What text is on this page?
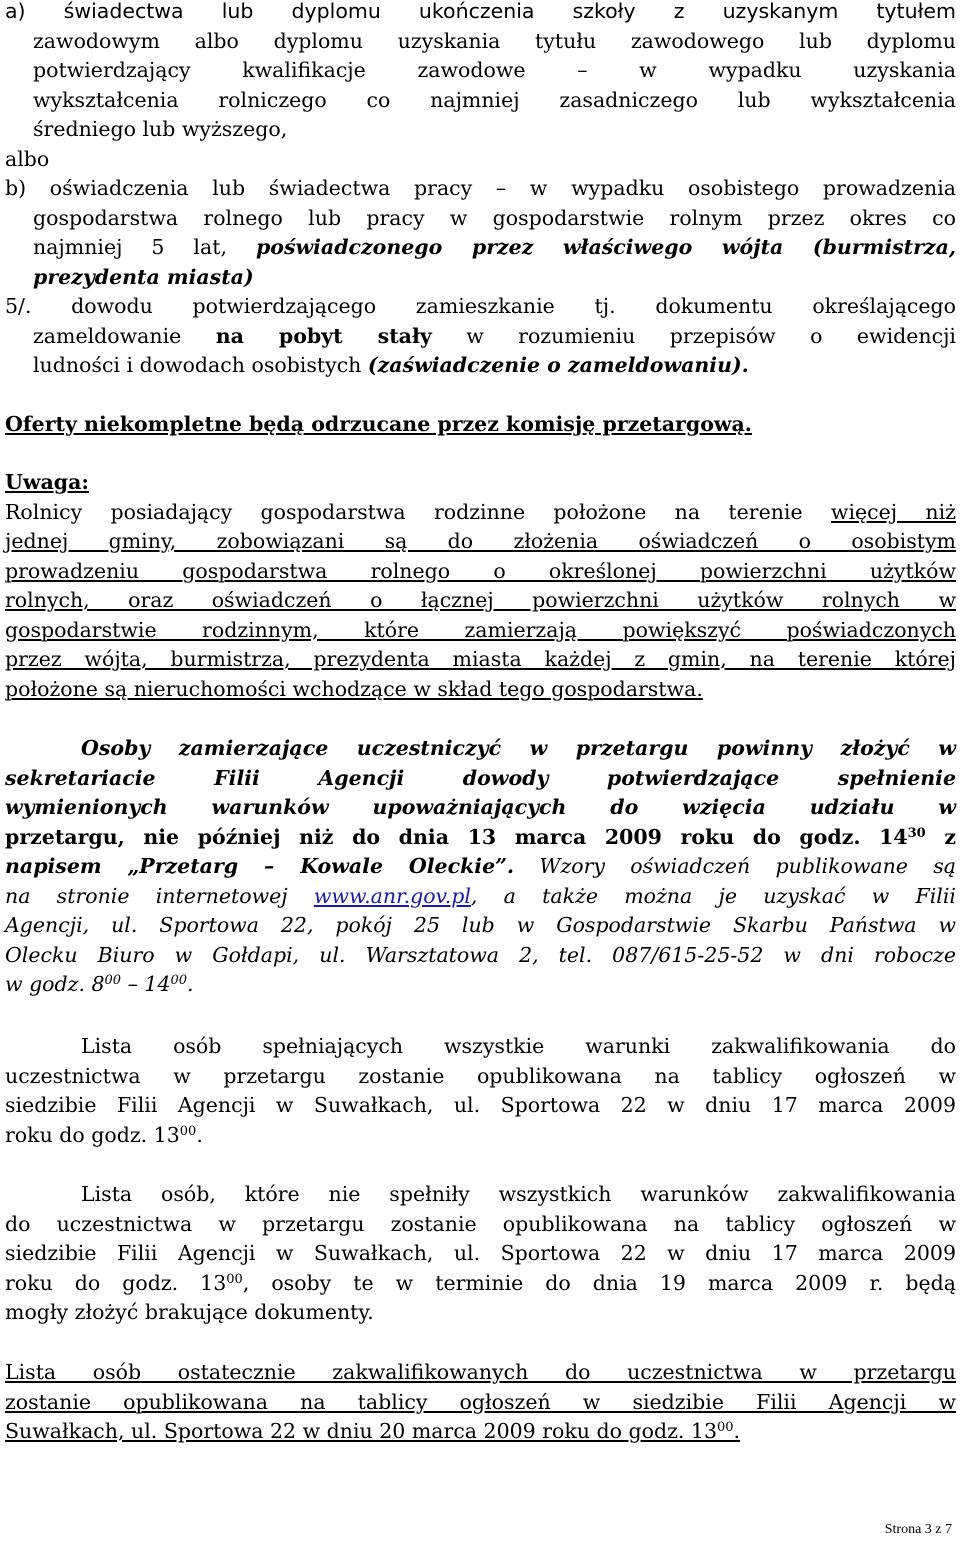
a) świadectwa lub dyplomu ukończenia szkoły z uzyskanym tytułem

zawodowym albo dyplomu uzyskania tytułu zawodowego lub dyplomu

potwierdzający kwalifikacje zawodowe – w wypadku uzyskania

wykształcenia rolniczego co najmniej zasadniczego lub wykształcenia

średniego lub wyższego,

albo

b) oświadczenia lub świadectwa pracy – w wypadku osobistego prowadzenia

gospodarstwa rolnego lub pracy w gospodarstwie rolnym przez okres co

najmniej 5 lat, poświadczonego przez właściwego wójta (burmistrza,

prezydenta miasta)

5/. dowodu potwierdzającego zamieszkanie tj. dokumentu określającego

zameldowanie na pobyt stały w rozumieniu przepisów o ewidencji

ludności i dowodach osobistych (zaświadczenie o zameldowaniu).

Oferty niekompletne będą odrzucane przez komisję przetargową.

Uwaga:

Rolnicy posiadający gospodarstwa rodzinne położone na terenie więcej niż

jednej gminy, zobowiązani są do złożenia oświadczeń o osobistym

prowadzeniu gospodarstwa rolnego o określonej powierzchni użytków

rolnych, oraz oświadczeń o łącznej powierzchni użytków rolnych w

gospodarstwie rodzinnym, które zamierzają powiększyć poświadczonych

przez wójta, burmistrza, prezydenta miasta każdej z gmin, na terenie której

położone są nieruchomości wchodzące w skład tego gospodarstwa.

Osoby zamierzające uczestniczyć w przetargu powinny złożyć w

sekretariacie Filii Agencji dowody potwierdzające spełnienie

wymienionych warunków upoważniających do wzięcia udziału w

przetargu, nie później niż do dnia 13 marca 2009 roku do godz. $14^{30}$ z

napisem „Przetarg – Kowale Oleckie”. Wzory oświadczeń publikowane są

na stronie internetowej www.anr.gov.pl, a także można je uzyskać w Filii

Agencji, ul. Sportowa 22, pokój 25 lub w Gospodarstwie Skarbu Państwa w

Olecku Biuro w Gołdapi, ul. Warsztatowa 2, tel. 087/615-25-52 w dni robocze

w godz. $8^{00} - 14^{00}$.

Lista osób spełniających wszystkie warunki zakwalifikowania do

uczestnictwa w przetargu zostanie opublikowana na tablicy ogłoszeń w

siedzibie Filii Agencji w Suwałkach, ul. Sportowa 22 w dniu 17 marca 2009

roku do godz. $13^{00}$.

Lista osób, które nie spełniły wszystkich warunków zakwalifikowania

do uczestnictwa w przetargu zostanie opublikowana na tablicy ogłoszeń w

siedzibie Filii Agencji w Suwałkach, ul. Sportowa 22 w dniu 17 marca 2009

roku do godz. $13^{00}$, osoby te w terminie do dnia 19 marca 2009 r. będą

mogły złożyć brakujące dokumenty.

Lista osób ostatecznie zakwalifikowanych do uczestnictwa w przetargu

zostanie opublikowana na tablicy ogłoszeń w siedzibie Filii Agencji w

Suwałkach, ul. Sportowa 22 w dniu 20 marca 2009 roku do godz. $13^{00}$.

Strona 3 z 7
